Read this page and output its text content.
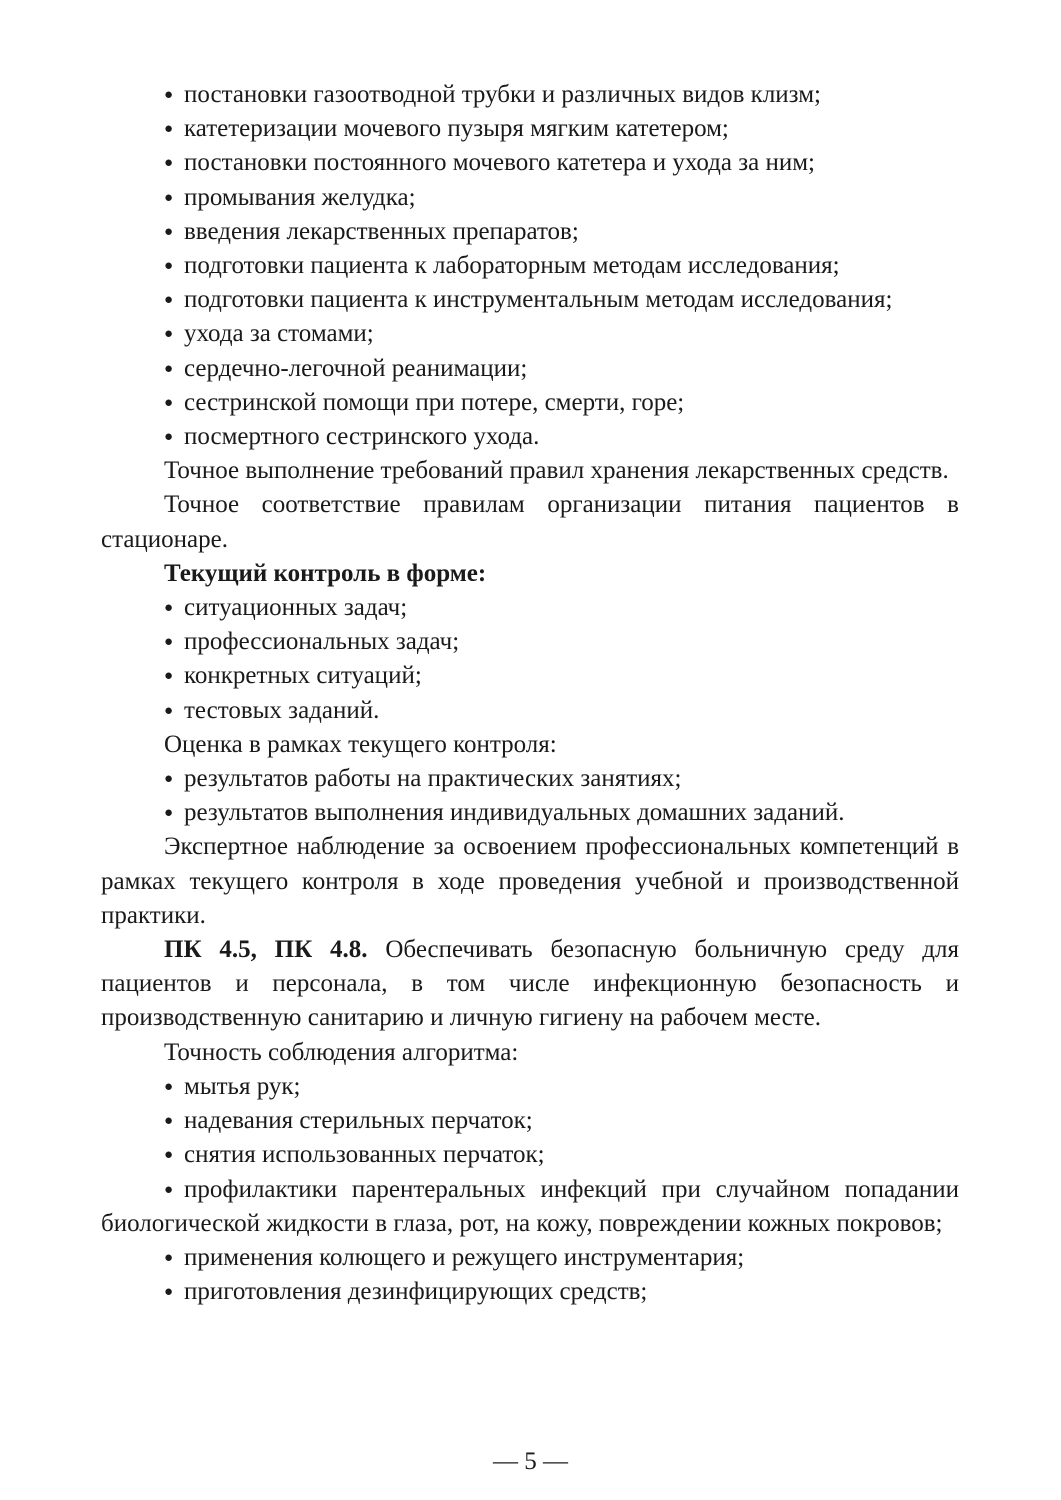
● постановки газоотводной трубки и различных видов клизм;

● катетеризации мочевого пузыря мягким катетером;

● постановки постоянного мочевого катетера и ухода за ним;

● промывания желудка;

● введения лекарственных препаратов;

● подготовки пациента к лабораторным методам исследования;

● подготовки пациента к инструментальным методам исследования;

● ухода за стомами;

● сердечно-легочной реанимации;

● сестринской помощи при потере, смерти, горе;

● посмертного сестринского ухода.

Точное выполнение требований правил хранения лекарственных средств.

Точное соответствие правилам организации питания пациентов в стационаре.

Текущий контроль в форме:

● ситуационных задач;

● профессиональных задач;

● конкретных ситуаций;

● тестовых заданий.

Оценка в рамках текущего контроля:

● результатов работы на практических занятиях;

● результатов выполнения индивидуальных домашних заданий.

Экспертное наблюдение за освоением профессиональных компетенций в рамках текущего контроля в ходе проведения учебной и производственной практики.

ПК 4.5, ПК 4.8. Обеспечивать безопасную больничную среду для пациентов и персонала, в том числе инфекционную безопасность и производственную санитарию и личную гигиену на рабочем месте.

Точность соблюдения алгоритма:

● мытья рук;

● надевания стерильных перчаток;

● снятия использованных перчаток;

● профилактики парентеральных инфекций при случайном попадании биологической жидкости в глаза, рот, на кожу, повреждении кожных покровов;

● применения колющего и режущего инструментария;

● приготовления дезинфицирующих средств;

— 5 —
